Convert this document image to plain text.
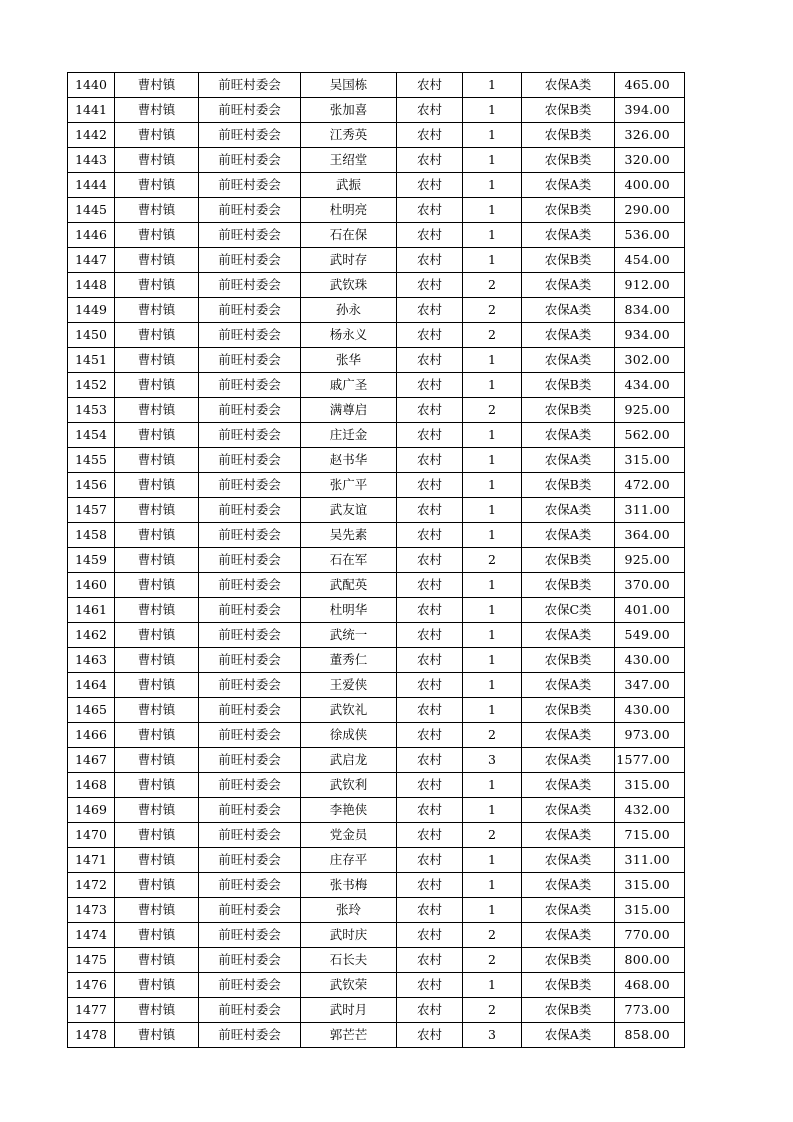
1440	曹村镇	前旺村委会	吴国栋	农村	1	农保A类	465.00
1441	曹村镇	前旺村委会	张加喜	农村	1	农保B类	394.00
1442	曹村镇	前旺村委会	江秀英	农村	1	农保B类	326.00
1443	曹村镇	前旺村委会	王绍堂	农村	1	农保B类	320.00
1444	曹村镇	前旺村委会	武振	农村	1	农保A类	400.00
1445	曹村镇	前旺村委会	杜明亮	农村	1	农保B类	290.00
1446	曹村镇	前旺村委会	石在保	农村	1	农保A类	536.00
1447	曹村镇	前旺村委会	武时存	农村	1	农保B类	454.00
1448	曹村镇	前旺村委会	武钦珠	农村	2	农保A类	912.00
1449	曹村镇	前旺村委会	孙永	农村	2	农保A类	834.00
1450	曹村镇	前旺村委会	杨永义	农村	2	农保A类	934.00
1451	曹村镇	前旺村委会	张华	农村	1	农保A类	302.00
1452	曹村镇	前旺村委会	戚广圣	农村	1	农保B类	434.00
1453	曹村镇	前旺村委会	满尊启	农村	2	农保B类	925.00
1454	曹村镇	前旺村委会	庄迁金	农村	1	农保A类	562.00
1455	曹村镇	前旺村委会	赵书华	农村	1	农保A类	315.00
1456	曹村镇	前旺村委会	张广平	农村	1	农保B类	472.00
1457	曹村镇	前旺村委会	武友谊	农村	1	农保A类	311.00
1458	曹村镇	前旺村委会	吴先素	农村	1	农保A类	364.00
1459	曹村镇	前旺村委会	石在军	农村	2	农保B类	925.00
1460	曹村镇	前旺村委会	武配英	农村	1	农保B类	370.00
1461	曹村镇	前旺村委会	杜明华	农村	1	农保C类	401.00
1462	曹村镇	前旺村委会	武统一	农村	1	农保A类	549.00
1463	曹村镇	前旺村委会	董秀仁	农村	1	农保B类	430.00
1464	曹村镇	前旺村委会	王爱侠	农村	1	农保A类	347.00
1465	曹村镇	前旺村委会	武钦礼	农村	1	农保B类	430.00
1466	曹村镇	前旺村委会	徐成侠	农村	2	农保A类	973.00
1467	曹村镇	前旺村委会	武启龙	农村	3	农保A类	1577.00
1468	曹村镇	前旺村委会	武钦利	农村	1	农保A类	315.00
1469	曹村镇	前旺村委会	李艳侠	农村	1	农保A类	432.00
1470	曹村镇	前旺村委会	党金员	农村	2	农保A类	715.00
1471	曹村镇	前旺村委会	庄存平	农村	1	农保A类	311.00
1472	曹村镇	前旺村委会	张书梅	农村	1	农保A类	315.00
1473	曹村镇	前旺村委会	张玲	农村	1	农保A类	315.00
1474	曹村镇	前旺村委会	武时庆	农村	2	农保A类	770.00
1475	曹村镇	前旺村委会	石长夫	农村	2	农保B类	800.00
1476	曹村镇	前旺村委会	武钦荣	农村	1	农保B类	468.00
1477	曹村镇	前旺村委会	武时月	农村	2	农保B类	773.00
1478	曹村镇	前旺村委会	郭芒芒	农村	3	农保A类	858.00
